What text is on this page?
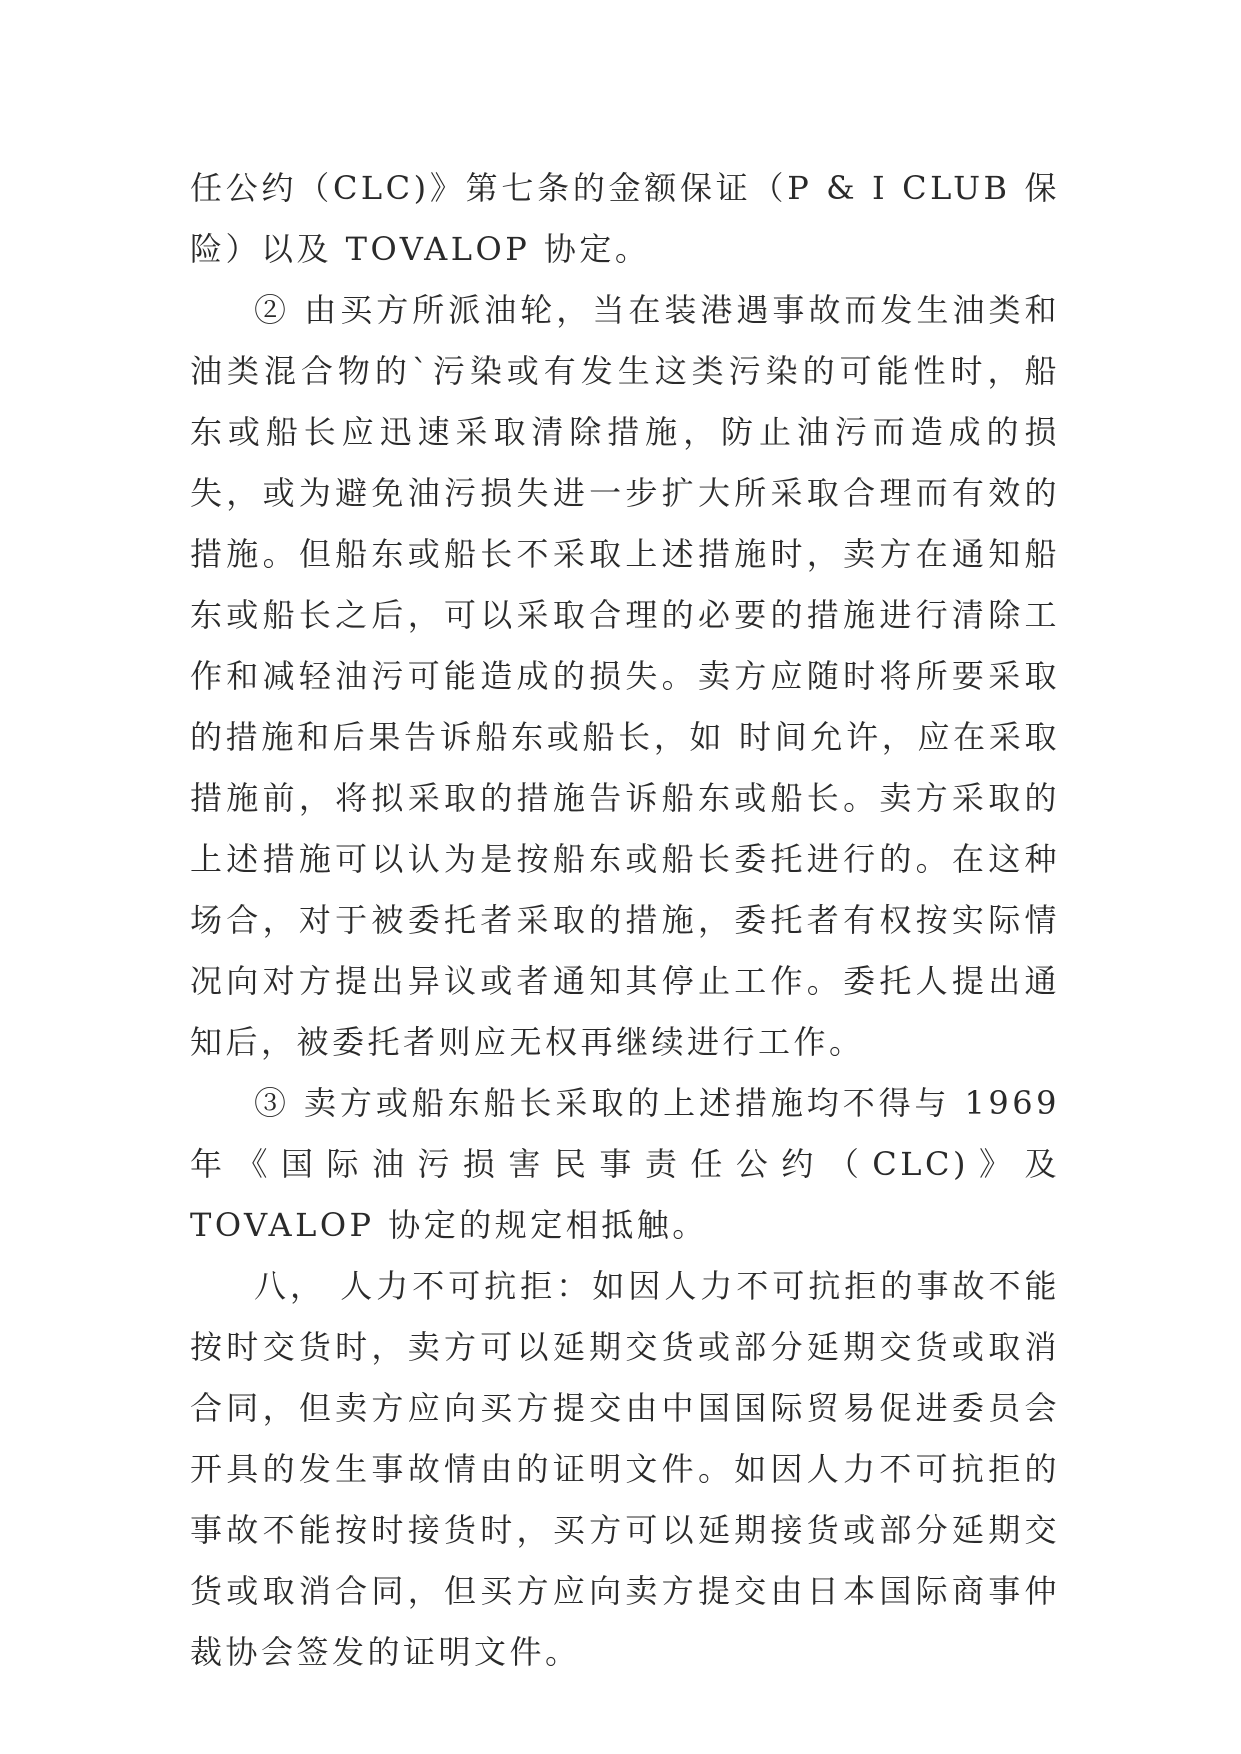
任公约（CLC)》第七条的金额保证（P & I CLUB 保险）以及 TOVALOP 协定。

② 由买方所派油轮，当在装港遇事故而发生油类和油类混合物的`污染或有发生这类污染的可能性时，船东或船长应迅速采取清除措施，防止油污而造成的损失，或为避免油污损失进一步扩大所采取合理而有效的措施。但船东或船长不采取上述措施时，卖方在通知船东或船长之后，可以采取合理的必要的措施进行清除工作和减轻油污可能造成的损失。卖方应随时将所要采取的措施和后果告诉船东或船长，如 时间允许，应在采取措施前，将拟采取的措施告诉船东或船长。卖方采取的上述措施可以认为是按船东或船长委托进行的。在这种场合，对于被委托者采取的措施，委托者有权按实际情况向对方提出异议或者通知其停止工作。委托人提出通知后，被委托者则应无权再继续进行工作。

③ 卖方或船东船长采取的上述措施均不得与 1969 年《国际油污损害民事责任公约（CLC)》及 TOVALOP 协定的规定相抵触。

八， 人力不可抗拒：如因人力不可抗拒的事故不能按时交货时，卖方可以延期交货或部分延期交货或取消合同，但卖方应向买方提交由中国国际贸易促进委员会开具的发生事故情由的证明文件。如因人力不可抗拒的事故不能按时接货时，买方可以延期接货或部分延期交货或取消合同，但买方应向卖方提交由日本国际商事仲裁协会签发的证明文件。
